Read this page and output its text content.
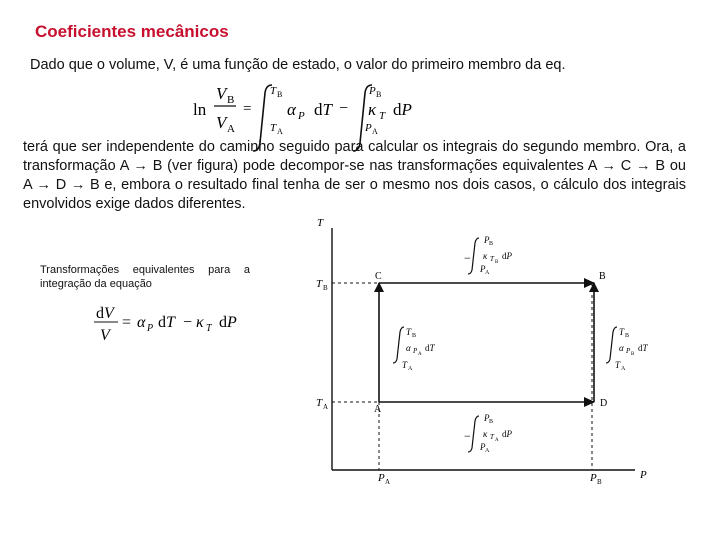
Coeficientes mecânicos
Dado que o volume, V, é uma função de estado, o valor do primeiro membro da eq.
ln
V B
V A
=
T B
T A
α P dT −
P B
P A
κ T dP
dV
V
= α P dT − κ T dP
T
P
T B
T A
P A	P B
C	B
A
D
−
P B
P A
κ T B
dP
−
P B
P A
κ T A
dP
T B
T A
α P A
dT
T B
T A
α P B
dT
terá que ser independente do caminho seguido para calcular os integrais do segundo membro. Ora, a transformação A → B (ver figura) pode decompor-se nas transformações equivalentes A → C → B ou A → D → B e, embora o resultado final tenha de ser o mesmo nos dois casos, o cálculo dos integrais envolvidos exige dados diferentes.
Transformações equivalentes para a integração da equação
